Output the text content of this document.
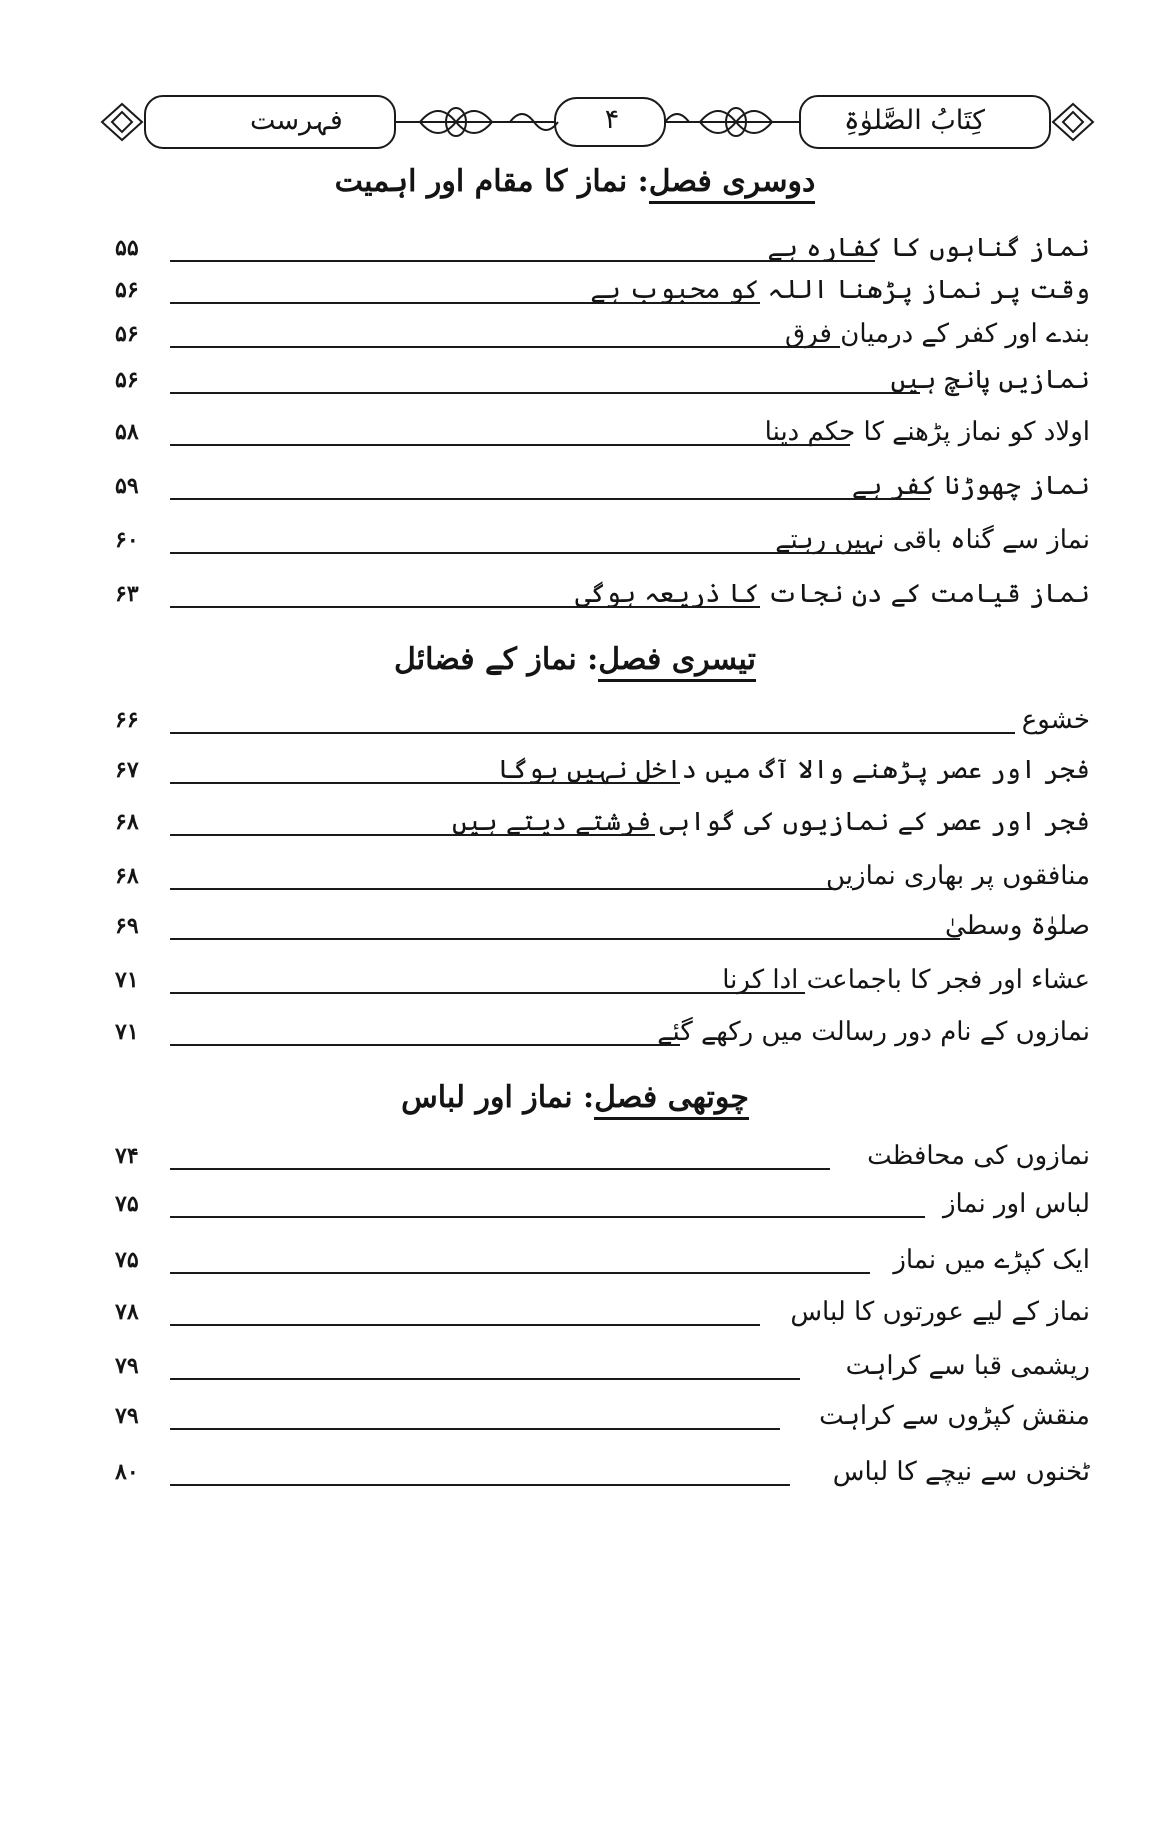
کِتَابُ الصَّلوٰۃِ
۴
فہرست
دوسری فصل: نماز کا مقام اور اہمیت
نماز گناہوں کا کفارہ ہے
۵۵
وقت پر نماز پڑھنا اللہ کو محبوب ہے
۵۶
بندے اور کفر کے درمیان فرق
۵۶
نمازیں پانچ ہیں
۵۶
اولاد کو نماز پڑھنے کا حکم دینا
۵۸
نماز چھوڑنا کفر ہے
۵۹
نماز سے گناہ باقی نہیں رہتے
۶۰
نماز قیامت کے دن نجات کا ذریعہ ہوگی
۶۳
تیسری فصل: نماز کے فضائل
خشوع
۶۶
فجر اور عصر پڑھنے والا آگ میں داخل نہیں ہوگا
۶۷
فجر اور عصر کے نمازیوں کی گواہی فرشتے دیتے ہیں
۶۸
منافقوں پر بھاری نمازیں
۶۸
صلوٰۃ وسطیٰ
۶۹
عشاء اور فجر کا باجماعت ادا کرنا
۷۱
نمازوں کے نام دور رسالت میں رکھے گئے
۷۱
چوتھی فصل: نماز اور لباس
نمازوں کی محافظت
۷۴
لباس اور نماز
۷۵
ایک کپڑے میں نماز
۷۵
نماز کے لیے عورتوں کا لباس
۷۸
ریشمی قبا سے کراہت
۷۹
منقش کپڑوں سے کراہت
۷۹
ٹخنوں سے نیچے کا لباس
۸۰
